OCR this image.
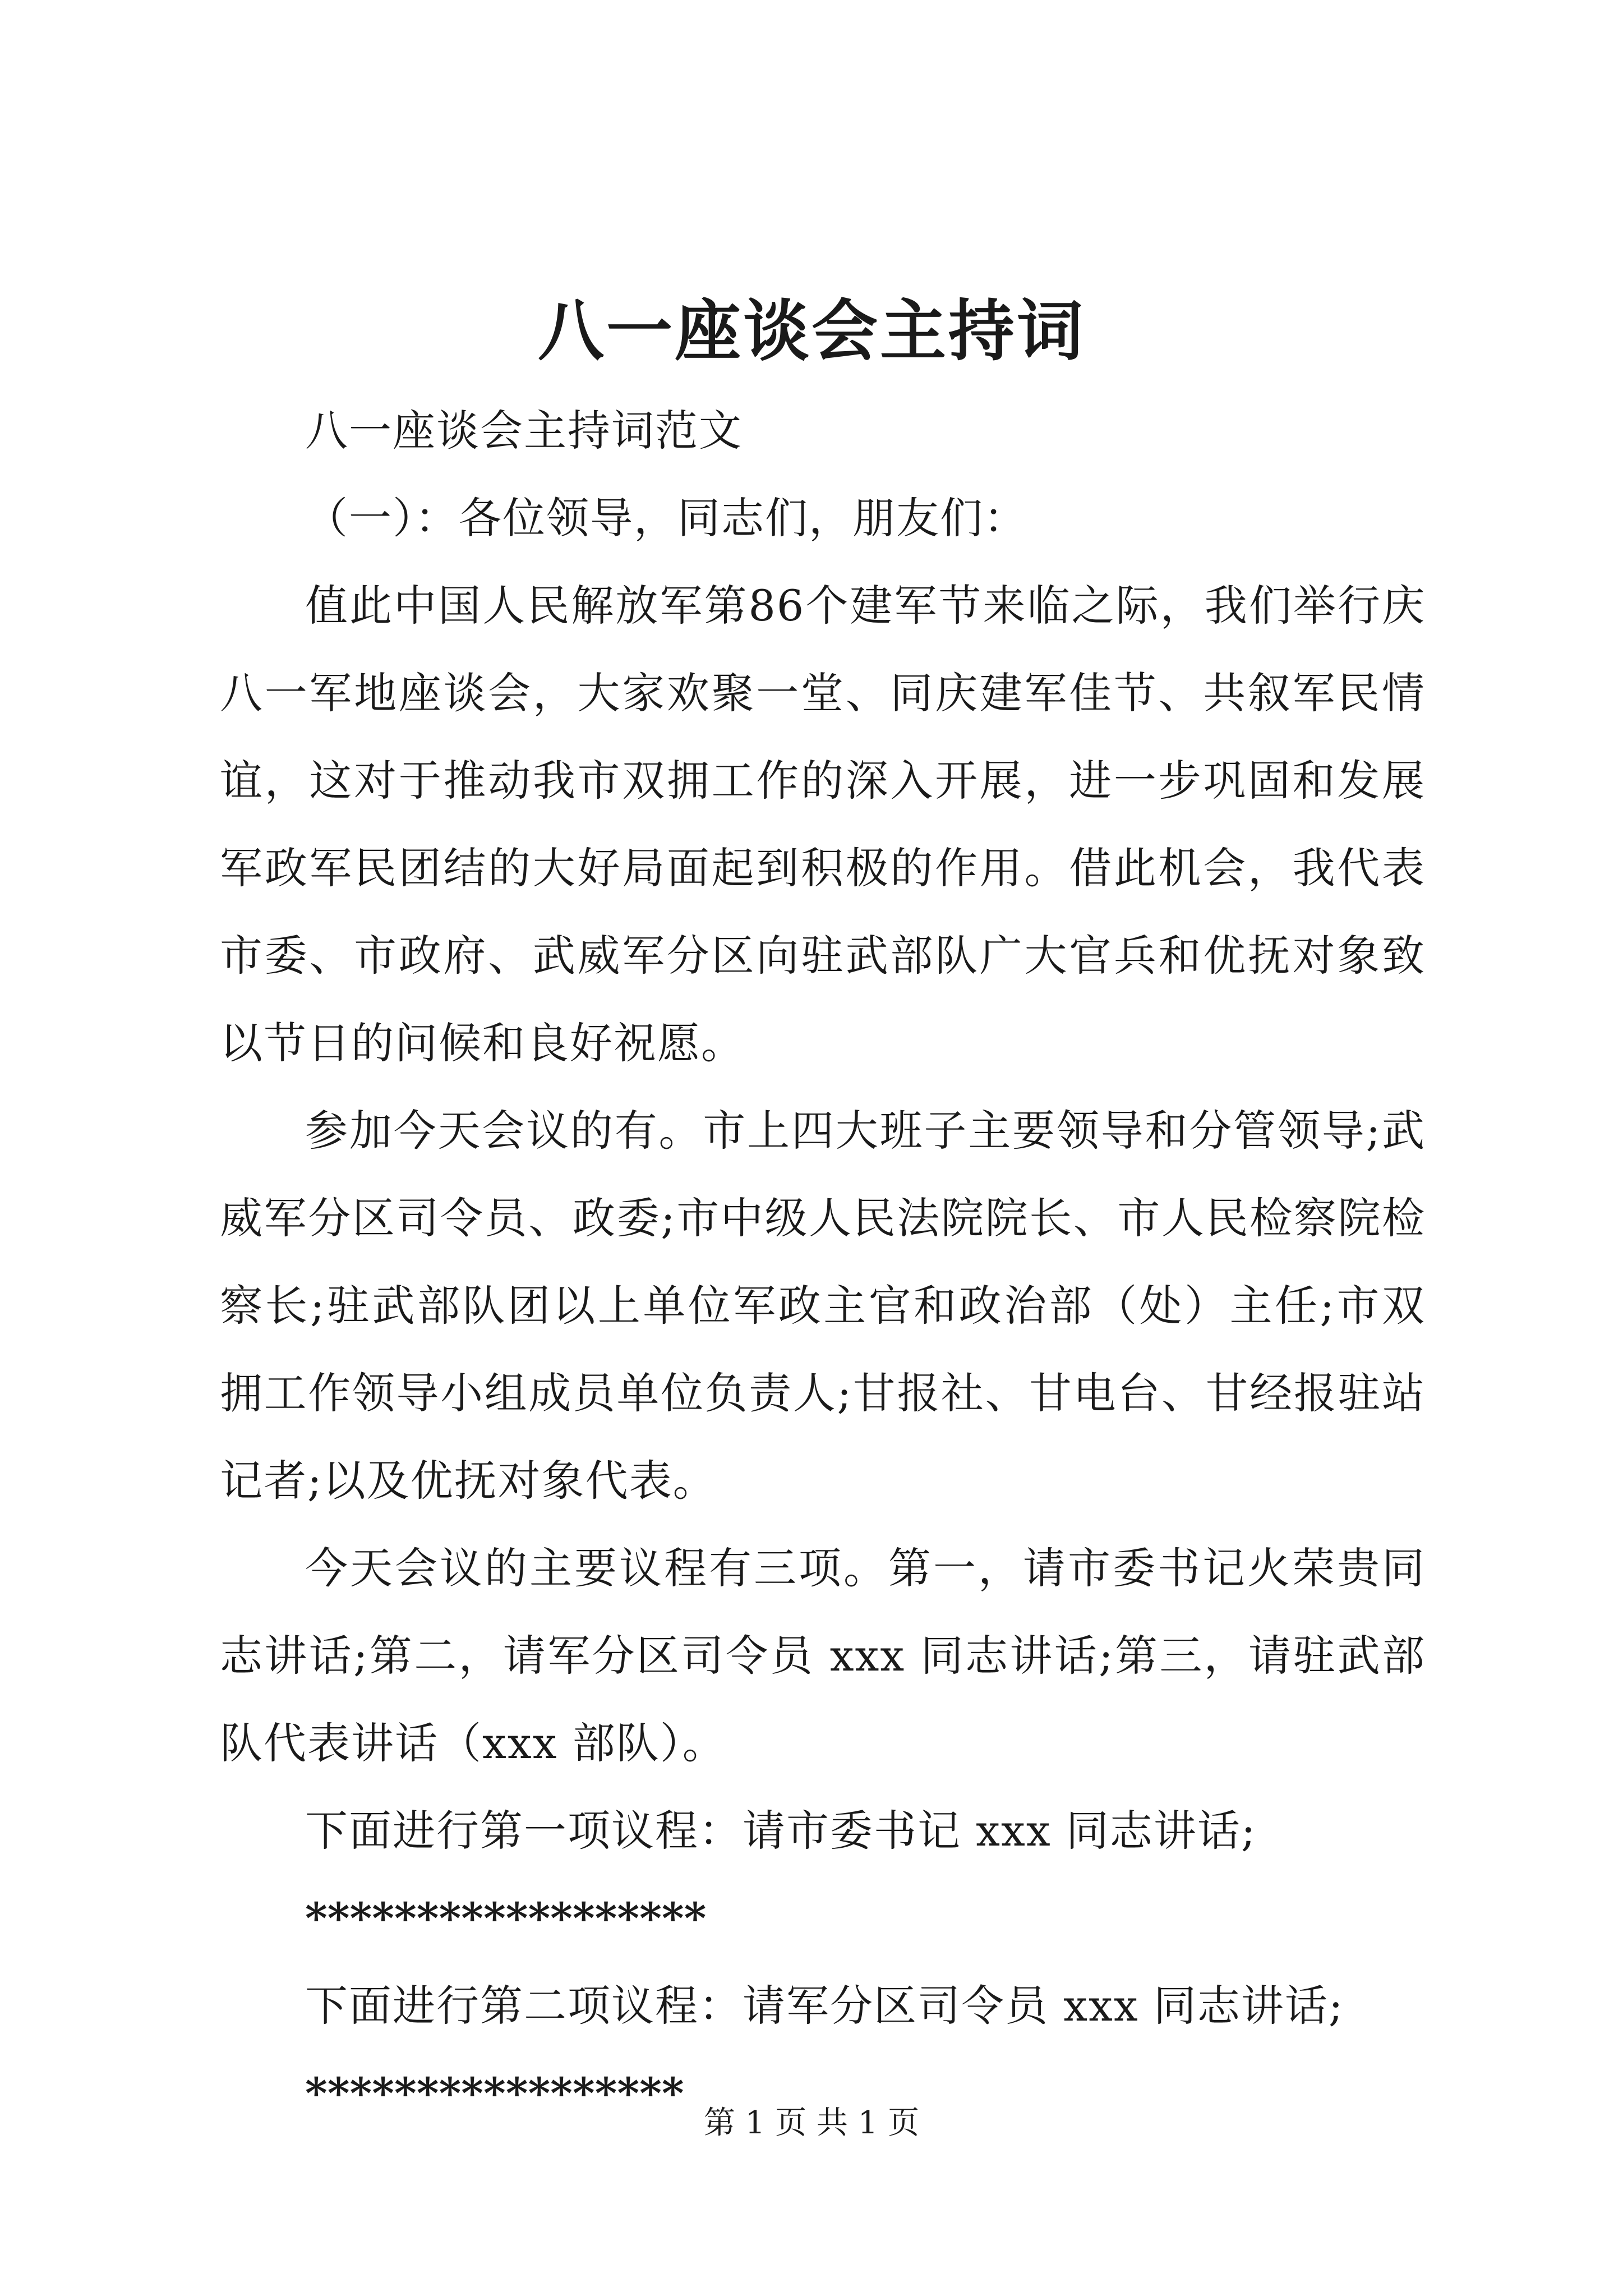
八一座谈会主持词

八一座谈会主持词范文

（一）：各位领导，同志们，朋友们：

值此中国人民解放军第86个建军节来临之际，我们举行庆八一军地座谈会，大家欢聚一堂、同庆建军佳节、共叙军民情谊，这对于推动我市双拥工作的深入开展，进一步巩固和发展军政军民团结的大好局面起到积极的作用。借此机会，我代表市委、市政府、武威军分区向驻武部队广大官兵和优抚对象致以节日的问候和良好祝愿。

参加今天会议的有。市上四大班子主要领导和分管领导;武威军分区司令员、政委;市中级人民法院院长、市人民检察院检察长;驻武部队团以上单位军政主官和政治部（处）主任;市双拥工作领导小组成员单位负责人;甘报社、甘电台、甘经报驻站记者;以及优抚对象代表。

今天会议的主要议程有三项。第一，请市委书记火荣贵同志讲话;第二，请军分区司令员 xxx 同志讲话;第三，请驻武部队代表讲话（xxx 部队）。

下面进行第一项议程：请市委书记 xxx 同志讲话;

******************

下面进行第二项议程：请军分区司令员 xxx 同志讲话;

*****************

第 1 页 共 1 页
